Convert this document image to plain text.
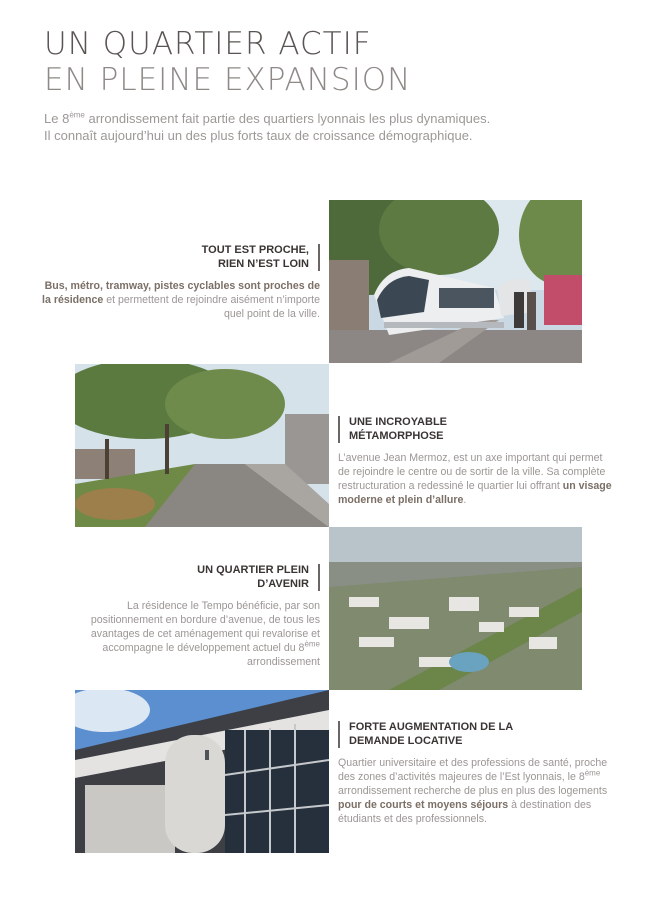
UN QUARTIER ACTIF
EN PLEINE EXPANSION

Le 8ème arrondissement fait partie des quartiers lyonnais les plus dynamiques.
Il connaît aujourd’hui un des plus forts taux de croissance démographique.

TOUT EST PROCHE,
RIEN N’EST LOIN

Bus, métro, tramway, pistes cyclables sont proches de la résidence et permettent de rejoindre aisément n’importe quel point de la ville.

UNE INCROYABLE
MÉTAMORPHOSE

L’avenue Jean Mermoz, est un axe important qui permet de rejoindre le centre ou de sortir de la ville. Sa complète restructuration a redessiné le quartier lui offrant un visage moderne et plein d’allure.

UN QUARTIER PLEIN
D’AVENIR

La résidence le Tempo bénéficie, par son positionnement en bordure d’avenue, de tous les avantages de cet aménagement qui revalorise et accompagne le développement actuel du 8ème arrondissement

FORTE AUGMENTATION DE LA
DEMANDE LOCATIVE

Quartier universitaire et des professions de santé, proche des zones d’activités majeures de l’Est lyonnais, le 8ème arrondissement recherche de plus en plus des logements pour de courts et moyens séjours à destination des étudiants et des professionnels.
